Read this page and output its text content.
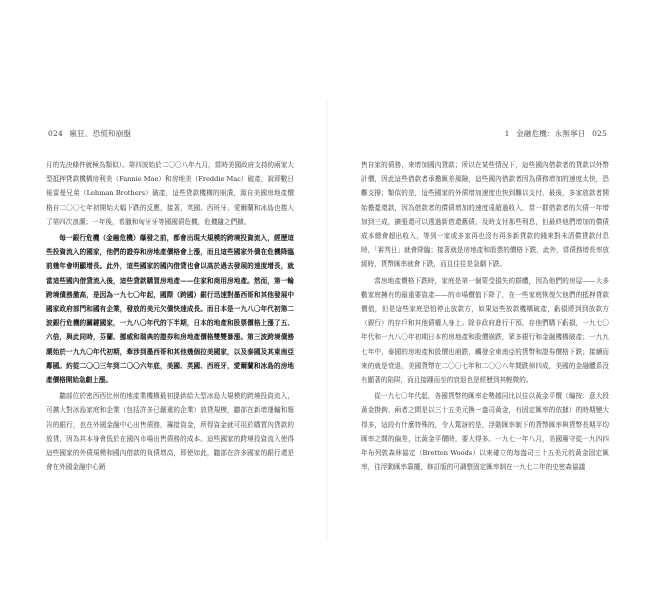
024 瘋狂、恐慌和崩盤

月的先決條件就極為類似）。第四波始於二〇〇八年九月，當時美國政府支持的兩家大型抵押貸款機構房利美（Fannie Mae）和房地美（Freddie Mac）破產，說即數日後雷曼兄弟（Lehman Brothers）破產，這些貸款機構的崩潰，源自美國房地產價格自二〇〇七年初開始大幅下跌的反應，接著，英國、西班牙、愛爾蘭和冰島也捲入了第四次浪潮；一年後，希臘和匈牙牙等國國債危機，危機隨之們擴。

每一銀行危機（金融危機）爆發之前，都會出現大規模的跨境投資流入，經歷這些投資流入的國家，他們的證券和房地產價格會上漲，而且這些國家外債在危機降臨前幾年會明顯增長。此外，這些國家的國內借貸也會以高於過去發展的速度增長，就當這些國內借貸流入後，這些貸款購買房地產——住家和商用房地產。然而，第一輪跨境債務激高，是因為一九七〇年起，國際（跨國）銀行迅速對墨西哥和其他發展中國家政府部門和國有企業，發放的美元欠債快速成長。而日本是一九八〇年代初第二波銀行危機的關鍵國家，一九八〇年代的下半期，日本的地產和股票價格上漲了五、六倍，與此同時，芬蘭、挪威和瑞典的證券和房地產價格雙雙暴漲。第三波跨境債務潮始於一九九〇年代初期，牽涉到墨西哥和其他幾個拉美國家，以及泰國及其東南亞鄰國。約從二〇〇三年到二〇〇六年底，美國、英國、西班牙，愛爾蘭和冰島的房地產價格開始急劇上漲。

聽部位於密西西比州的地產業機構最初提供給大型冰島大規模的跨境投資流入，可擴大對冰島家庭和企業（包括許多已嚴重的企業）放貸規模，聽部在新增運輸和報告的銀行，也在外國金融中心出售債務，籌措資金，所得資金就可用於購買內貸款的放貸，因為其本身會低於在國內市場出售債務的成本。這些國家的跨境投資流入使得這些國家的外債規模和國內借款的負債增高，即使如此，聽部在許多國家的銀行還是會在外國金融中心銷

1 金融危機：永無寧日 025

售自家的債務，來增加國內貸款；所以在某些情況下，這些國內借款者的貸款以外幣計價，因此這些借款者承擔匯差風險，這些國內借款者因為債務增加的速度太快，恐難支撐；類似的是，這些國家的外債增加速度也快到難以支付，最後，多家放款者開始擔憂還款，因為借款者的償債增加的速度遠超過收入，當一群借款者的欠債一年增加到三成，擴張還可以透過新借還舊債，及時支付那些利息，但最終他們增加的償債成本總會超出收入，等到一家或多家再也沒有再多新貸款的錢來對未清償貸款付息時，「審判日」就會降臨；接著就是房地產和股票的價格下跌，此外，當債務增長率放緩時，貨幣匯率就會下跌，而且往往是急劇下跌。

當房地產價格下跌時，家庭是第一個蒙受損失的群體，因為他們的房屋——大多數家庭擁有的最重要資產——的市場價值下降了，在一些家庭恢復欠他們的抵押貸款價值，但是這些家庭恐怕停止放款方，如果這些放款機構破產，虧損將到到放款方（銀行）的存戶和其他債權人身上。除非政府進行干預，存他們購下虧損，一九七〇年代和一九八〇年初期日本的房地產和股價崩跌，眾多銀行和金融機構破產；一九九七年中，泰國的房地產和股價也崩跌，觸發全東南亞的貨幣和證券價格下跌；接續而來的就是衰退，美國貨幣在二〇〇七年和二〇〇八年間跌掉四成，美國的金融體系沒有顯著的陷阱，而且接踵而至的衰退也是經歷到其輕微的。

從一九七〇年代起，各國貨幣的匯率走勢越同比以往以黃金平價（編按：意大段黃金掛鉤，兩者之間是以三十五美元換一盎司黃金，有固定匯率的依據）的時期變大得多，這段有什麼特殊的，令人驚訝的是，浮動匯率制下的貨幣匯率與貨幣長期平均匯率之間的偏差，比黃金平價時，要大得多。一九七一年八月，美國廢守從一九四四年布列敦森林協定（Bretton Woods）以來確立的每盎司三十五美元的黃金固定匯率，往浮動匯率靠攏，修訂版的可調整固定匯率制在一九七二年的史密森協議
